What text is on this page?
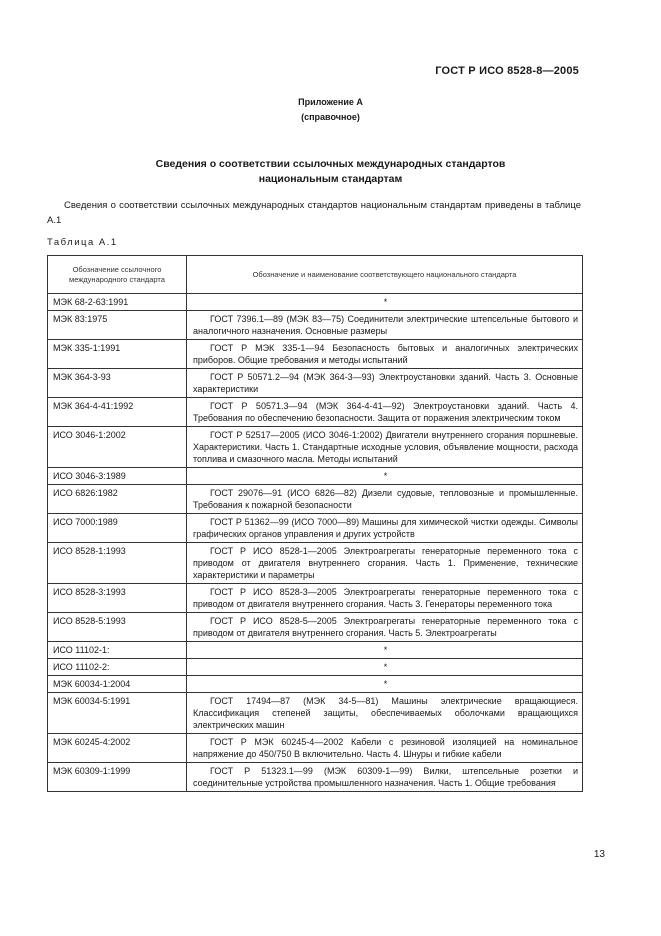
ГОСТ Р ИСО 8528-8—2005
Приложение А
(справочное)
Сведения о соответствии ссылочных международных стандартов
национальным стандартам
Сведения о соответствии ссылочных международных стандартов национальным стандартам приведены в таблице А.1
Таблица А.1
Обозначение ссылочного международного стандарта	Обозначение и наименование соответствующего национального стандарта
МЭК 68-2-63:1991	*
МЭК 83:1975	ГОСТ 7396.1—89 (МЭК 83—75) Соединители электрические штепсельные бытового и аналогичного назначения. Основные размеры
МЭК 335-1:1991	ГОСТ Р МЭК 335-1—94 Безопасность бытовых и аналогичных электрических приборов. Общие требования и методы испытаний
МЭК 364-3-93	ГОСТ Р 50571.2—94 (МЭК 364-3—93) Электроустановки зданий. Часть 3. Основные характеристики
МЭК 364-4-41:1992	ГОСТ Р 50571.3—94 (МЭК 364-4-41—92) Электроустановки зданий. Часть 4. Требования по обеспечению безопасности. Защита от поражения электрическим током
ИСО 3046-1:2002	ГОСТ Р 52517—2005 (ИСО 3046-1:2002) Двигатели внутреннего сгорания поршневые. Характеристики. Часть 1. Стандартные исходные условия, объявление мощности, расхода топлива и смазочного масла. Методы испытаний
ИСО 3046-3:1989	*
ИСО 6826:1982	ГОСТ 29076—91 (ИСО 6826—82) Дизели судовые, тепловозные и промышленные. Требования к пожарной безопасности
ИСО 7000:1989	ГОСТ Р 51362—99 (ИСО 7000—89) Машины для химической чистки одежды. Символы графических органов управления и других устройств
ИСО 8528-1:1993	ГОСТ Р ИСО 8528-1—2005 Электроагрегаты генераторные переменного тока с приводом от двигателя внутреннего сгорания. Часть 1. Применение, технические характеристики и параметры
ИСО 8528-3:1993	ГОСТ Р ИСО 8528-3—2005 Электроагрегаты генераторные переменного тока с приводом от двигателя внутреннего сгорания. Часть 3. Генераторы переменного тока
ИСО 8528-5:1993	ГОСТ Р ИСО 8528-5—2005 Электроагрегаты генераторные переменного тока с приводом от двигателя внутреннего сгорания. Часть 5. Электроагрегаты
ИСО 11102-1:	*
ИСО 11102-2:	*
МЭК 60034-1:2004	*
МЭК 60034-5:1991	ГОСТ 17494—87 (МЭК 34-5—81) Машины электрические вращающиеся. Классификация степеней защиты, обеспечиваемых оболочками вращающихся электрических машин
МЭК 60245-4:2002	ГОСТ Р МЭК 60245-4—2002 Кабели с резиновой изоляцией на номинальное напряжение до 450/750 В включительно. Часть 4. Шнуры и гибкие кабели
МЭК 60309-1:1999	ГОСТ Р 51323.1—99 (МЭК 60309-1—99) Вилки, штепсельные розетки и соединительные устройства промышленного назначения. Часть 1. Общие требования
13
